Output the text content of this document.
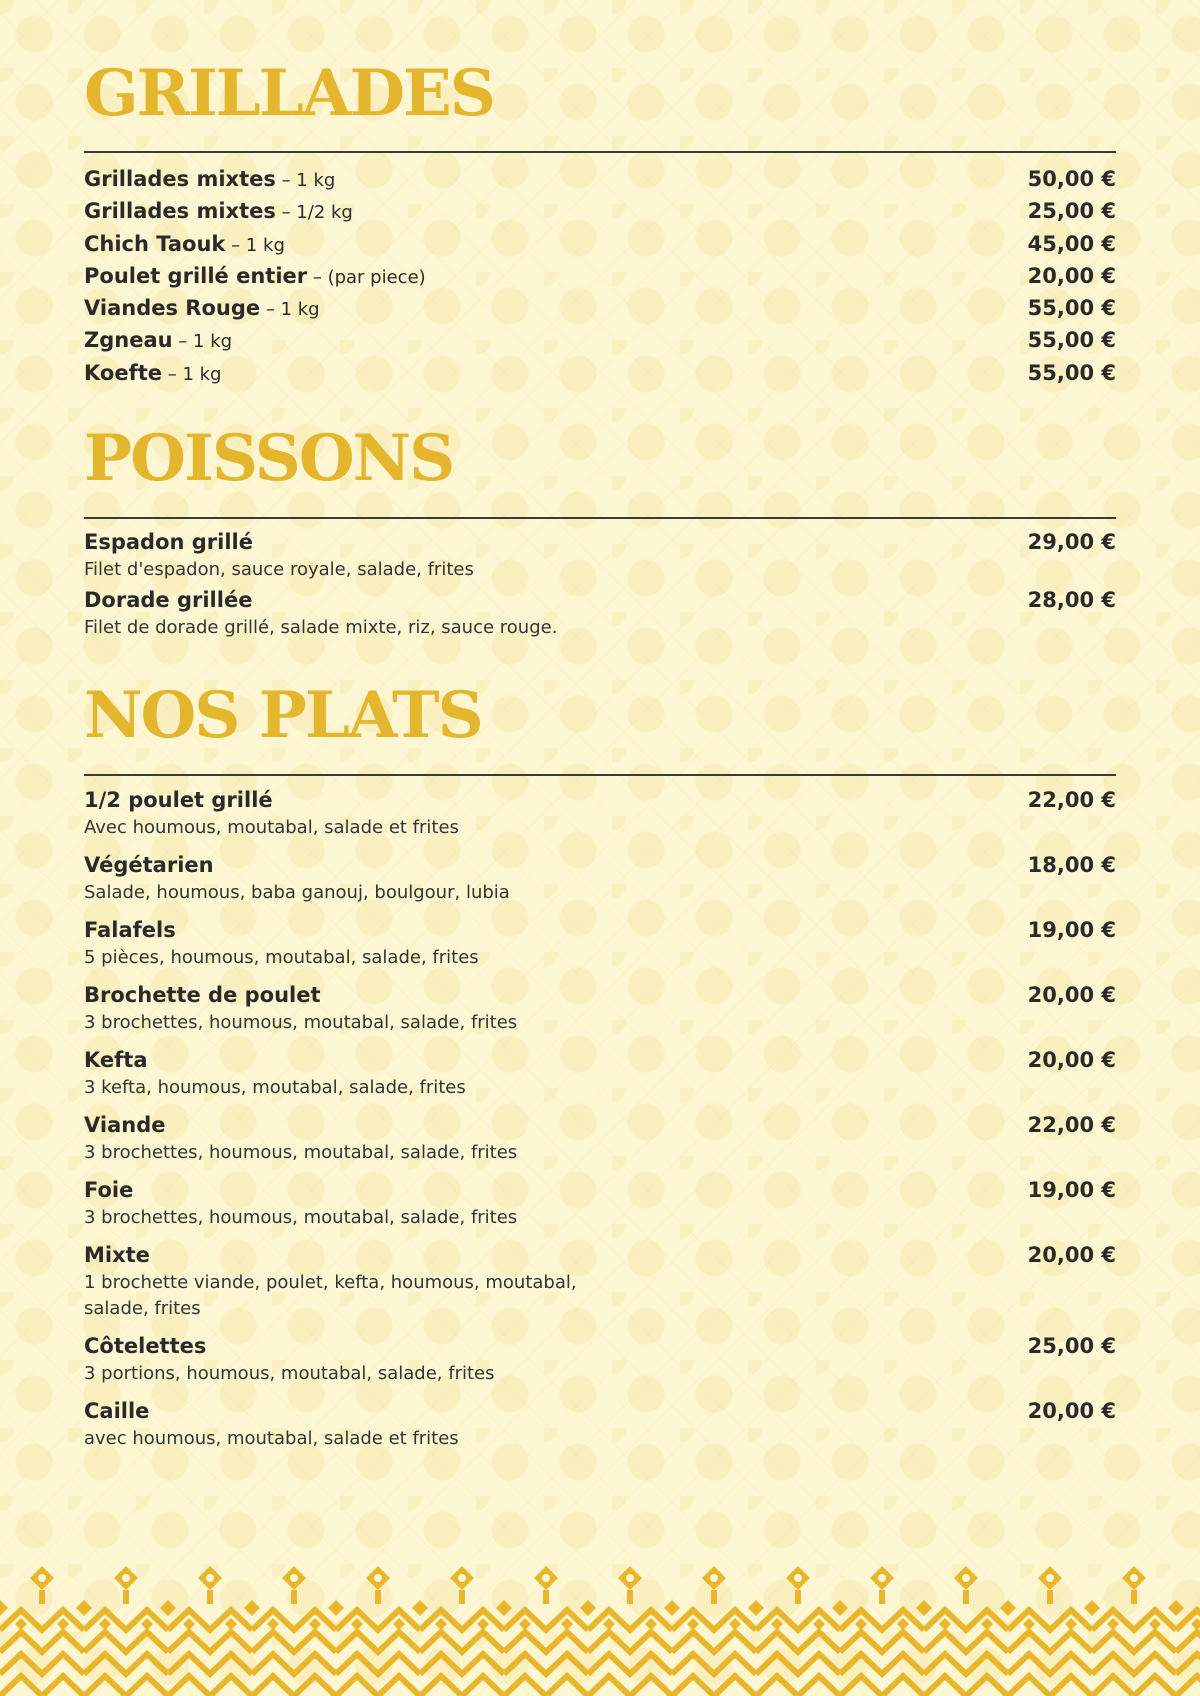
GRILLADES
Grillades mixtes – 1 kg	50,00 €
Grillades mixtes – 1/2 kg	25,00 €
Chich Taouk – 1 kg	45,00 €
Poulet grillé entier – (par piece)	20,00 €
Viandes Rouge – 1 kg	55,00 €
Zgneau – 1 kg	55,00 €
Koefte – 1 kg	55,00 €
POISSONS
Espadon grillé	29,00 €
Filet d'espadon, sauce royale, salade, frites
Dorade grillée	28,00 €
Filet de dorade grillé, salade mixte, riz, sauce rouge.
NOS PLATS
1/2 poulet grillé	22,00 €
Avec houmous, moutabal, salade et frites
Végétarien	18,00 €
Salade, houmous, baba ganouj, boulgour, lubia
Falafels	19,00 €
5 pièces, houmous, moutabal, salade, frites
Brochette de poulet	20,00 €
3 brochettes, houmous, moutabal, salade, frites
Kefta	20,00 €
3 kefta, houmous, moutabal, salade, frites
Viande	22,00 €
3 brochettes, houmous, moutabal, salade, frites
Foie	19,00 €
3 brochettes, houmous, moutabal, salade, frites
Mixte	20,00 €
1 brochette viande, poulet, kefta, houmous, moutabal, salade, frites
Côtelettes	25,00 €
3 portions, houmous, moutabal, salade, frites
Caille	20,00 €
avec houmous, moutabal, salade et frites
